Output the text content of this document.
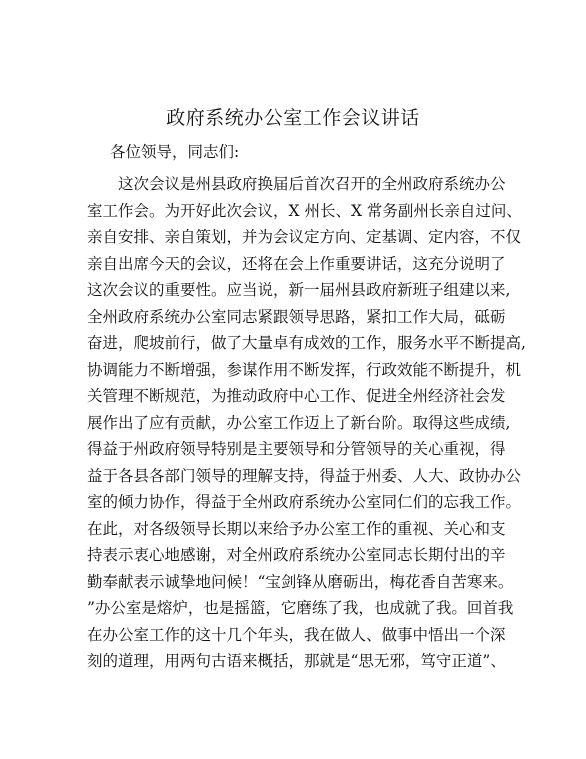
政府系统办公室工作会议讲话

各位领导，同志们:

这次会议是州县政府换届后首次召开的全州政府系统办公
室工作会。为开好此次会议，X 州长、X 常务副州长亲自过问、
亲自安排、亲自策划，并为会议定方向、定基调、定内容，不仅
亲自出席今天的会议，还将在会上作重要讲话，这充分说明了
这次会议的重要性。应当说，新一届州县政府新班子组建以来,
全州政府系统办公室同志紧跟领导思路，紧扣工作大局，砥砺
奋进，爬坡前行，做了大量卓有成效的工作，服务水平不断提高,
协调能力不断增强，参谋作用不断发挥，行政效能不断提升，机
关管理不断规范，为推动政府中心工作、促进全州经济社会发
展作出了应有贡献，办公室工作迈上了新台阶。取得这些成绩,
得益于州政府领导特别是主要领导和分管领导的关心重视，得
益于各县各部门领导的理解支持，得益于州委、人大、政协办公
室的倾力协作，得益于全州政府系统办公室同仁们的忘我工作。
在此，对各级领导长期以来给予办公室工作的重视、关心和支
持表示衷心地感谢，对全州政府系统办公室同志长期付出的辛
勤奉献表示诚挚地问候！“宝剑锋从磨砺出，梅花香自苦寒来。
”办公室是熔炉，也是摇篮，它磨练了我，也成就了我。回首我
在办公室工作的这十几个年头，我在做人、做事中悟出一个深
刻的道理，用两句古语来概括，那就是“思无邪，笃守正道”、
